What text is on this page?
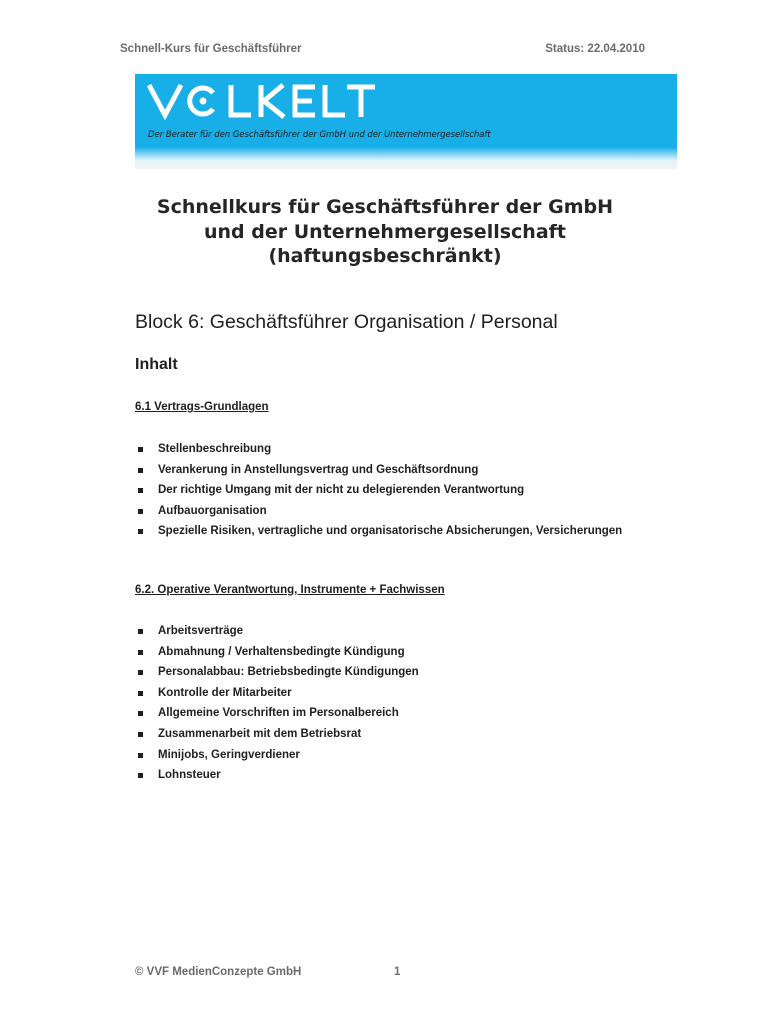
Schnell-Kurs für Geschäftsführer	Status: 22.04.2010
Der Berater für den Geschäftsführer der GmbH und der Unternehmergesellschaft
Schnellkurs für Geschäftsführer der GmbH
und der Unternehmergesellschaft
(haftungsbeschränkt)
Block 6: Geschäftsführer Organisation / Personal
Inhalt
6.1 Vertrags-Grundlagen
Stellenbeschreibung
Verankerung in Anstellungsvertrag und Geschäftsordnung
Der richtige Umgang mit der nicht zu delegierenden Verantwortung
Aufbauorganisation
Spezielle Risiken, vertragliche und organisatorische Absicherungen, Versicherungen
6.2. Operative Verantwortung, Instrumente + Fachwissen
Arbeitsverträge
Abmahnung / Verhaltensbedingte Kündigung
Personalabbau: Betriebsbedingte Kündigungen
Kontrolle der Mitarbeiter
Allgemeine Vorschriften im Personalbereich
Zusammenarbeit mit dem Betriebsrat
Minijobs, Geringverdiener
Lohnsteuer
© VVF MedienConzepte GmbH	1
